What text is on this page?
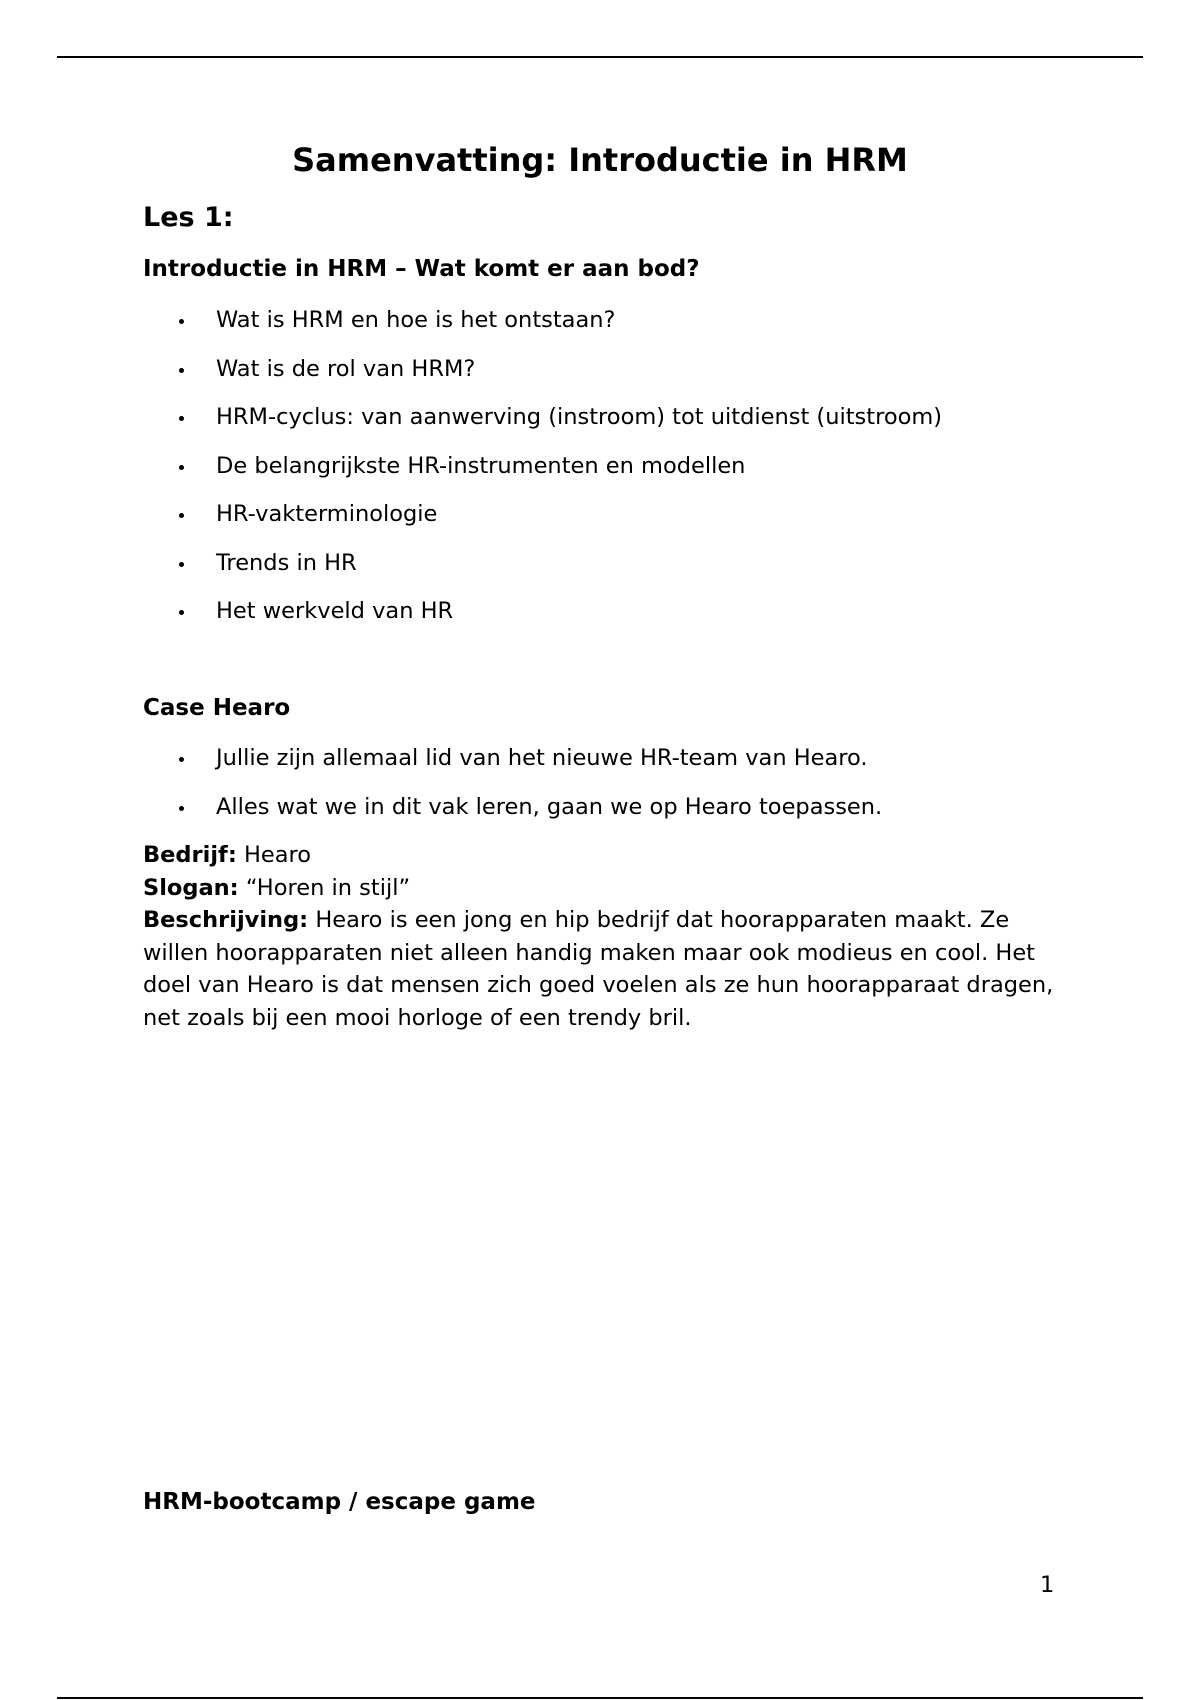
Samenvatting: Introductie in HRM
Les 1:
Introductie in HRM – Wat komt er aan bod?
Wat is HRM en hoe is het ontstaan?
Wat is de rol van HRM?
HRM-cyclus: van aanwerving (instroom) tot uitdienst (uitstroom)
De belangrijkste HR-instrumenten en modellen
HR-vakterminologie
Trends in HR
Het werkveld van HR
Case Hearo
Jullie zijn allemaal lid van het nieuwe HR-team van Hearo.
Alles wat we in dit vak leren, gaan we op Hearo toepassen.
Bedrijf: Hearo
Slogan: “Horen in stijl”
Beschrijving: Hearo is een jong en hip bedrijf dat hoorapparaten maakt. Ze willen hoorapparaten niet alleen handig maken maar ook modieus en cool. Het doel van Hearo is dat mensen zich goed voelen als ze hun hoorapparaat dragen, net zoals bij een mooi horloge of een trendy bril.
HRM-bootcamp / escape game
1
